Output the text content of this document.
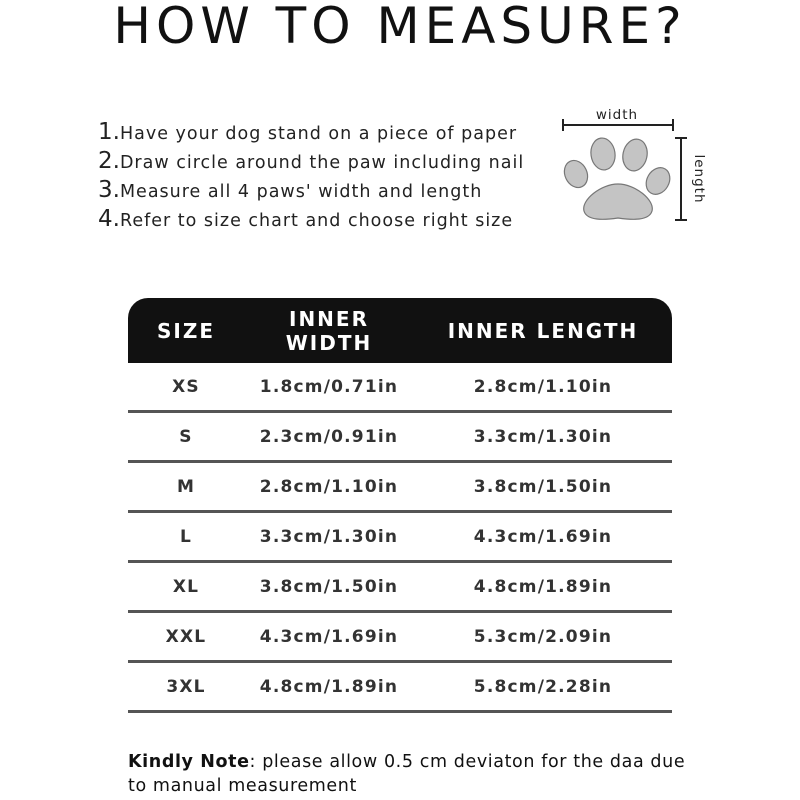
HOW TO MEASURE?
1.Have your dog stand on a piece of paper
2.Draw circle around the paw including nail
3.Measure all 4 paws' width and length
4.Refer to size chart and choose right size
width
length
SIZE	INNER WIDTH	INNER LENGTH
XS	1.8cm/0.71in	2.8cm/1.10in
S	2.3cm/0.91in	3.3cm/1.30in
M	2.8cm/1.10in	3.8cm/1.50in
L	3.3cm/1.30in	4.3cm/1.69in
XL	3.8cm/1.50in	4.8cm/1.89in
XXL	4.3cm/1.69in	5.3cm/2.09in
3XL	4.8cm/1.89in	5.8cm/2.28in
Kindly Note: please allow 0.5 cm deviaton for the daa due to manual measurement
